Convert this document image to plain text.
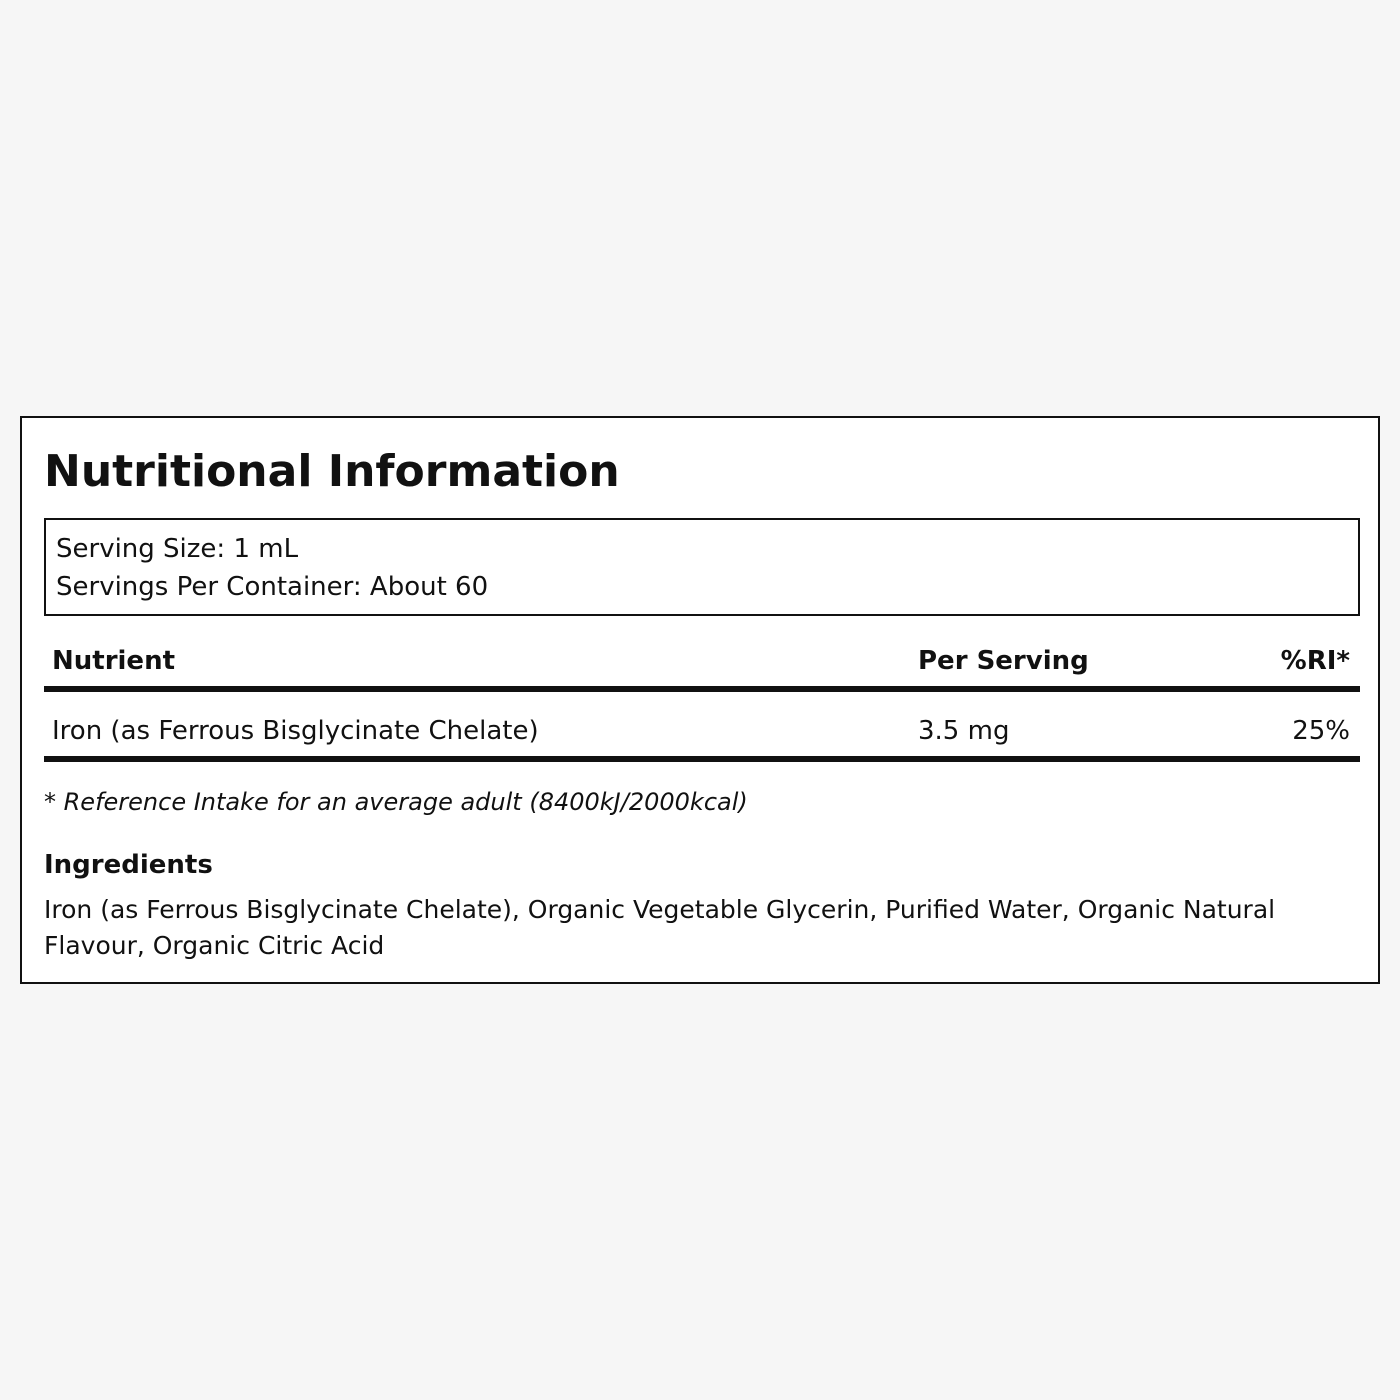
Nutritional Information
Serving Size: 1 mL
Servings Per Container: About 60
Nutrient	Per Serving	%RI*
Iron (as Ferrous Bisglycinate Chelate)	3.5 mg	25%
* Reference Intake for an average adult (8400kJ/2000kcal)
Ingredients
Iron (as Ferrous Bisglycinate Chelate), Organic Vegetable Glycerin, Purified Water, Organic Natural Flavour, Organic Citric Acid
